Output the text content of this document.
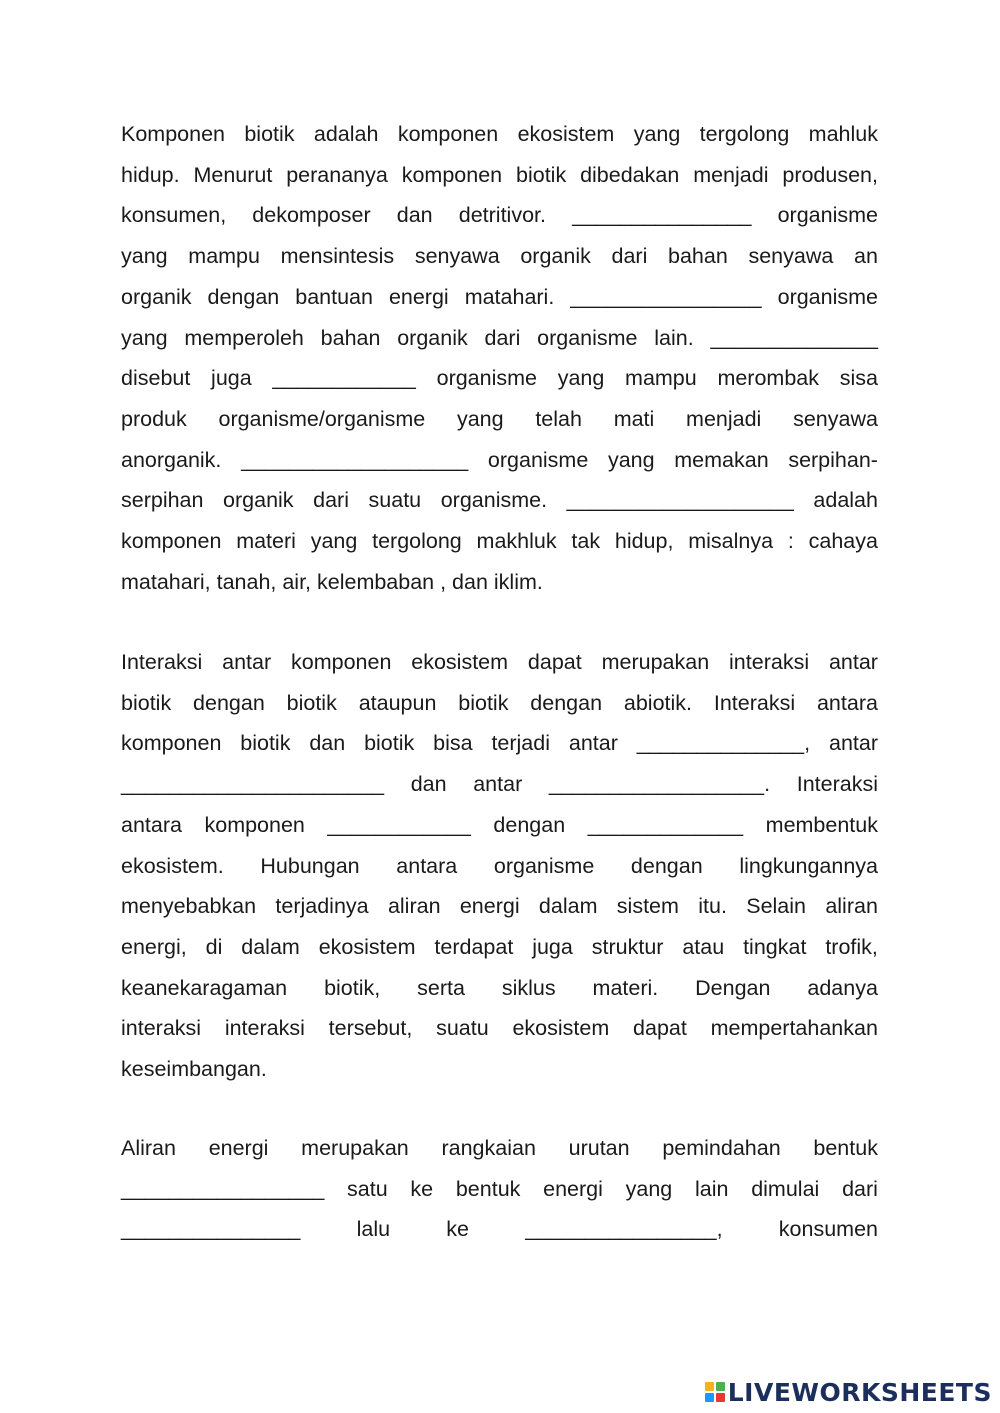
Komponen biotik adalah komponen ekosistem yang tergolong mahluk
hidup. Menurut perananya komponen biotik dibedakan menjadi produsen,
konsumen, dekomposer dan detritivor. _______________ organisme
yang mampu mensintesis senyawa organik dari bahan senyawa an
organik dengan bantuan energi matahari. ________________ organisme
yang memperoleh bahan organik dari organisme lain. ______________
disebut juga ____________ organisme yang mampu merombak sisa
produk organisme/organisme yang telah mati menjadi senyawa
anorganik. ___________________ organisme yang memakan serpihan-
serpihan organik dari suatu organisme. ___________________ adalah
komponen materi yang tergolong makhluk tak hidup, misalnya : cahaya
matahari, tanah, air, kelembaban , dan iklim.
Interaksi antar komponen ekosistem dapat merupakan interaksi antar
biotik dengan biotik ataupun biotik dengan abiotik. Interaksi antara
komponen biotik dan biotik bisa terjadi antar ______________, antar
______________________ dan antar __________________. Interaksi
antara komponen ____________ dengan _____________ membentuk
ekosistem. Hubungan antara organisme dengan lingkungannya
menyebabkan terjadinya aliran energi dalam sistem itu. Selain aliran
energi, di dalam ekosistem terdapat juga struktur atau tingkat trofik,
keanekaragaman biotik, serta siklus materi. Dengan adanya
interaksi interaksi tersebut, suatu ekosistem dapat mempertahankan
keseimbangan.
Aliran energi merupakan rangkaian urutan pemindahan bentuk
_________________ satu ke bentuk energi yang lain dimulai dari
_______________	lalu	ke	________________,	konsumen
LIVEWORKSHEETS
